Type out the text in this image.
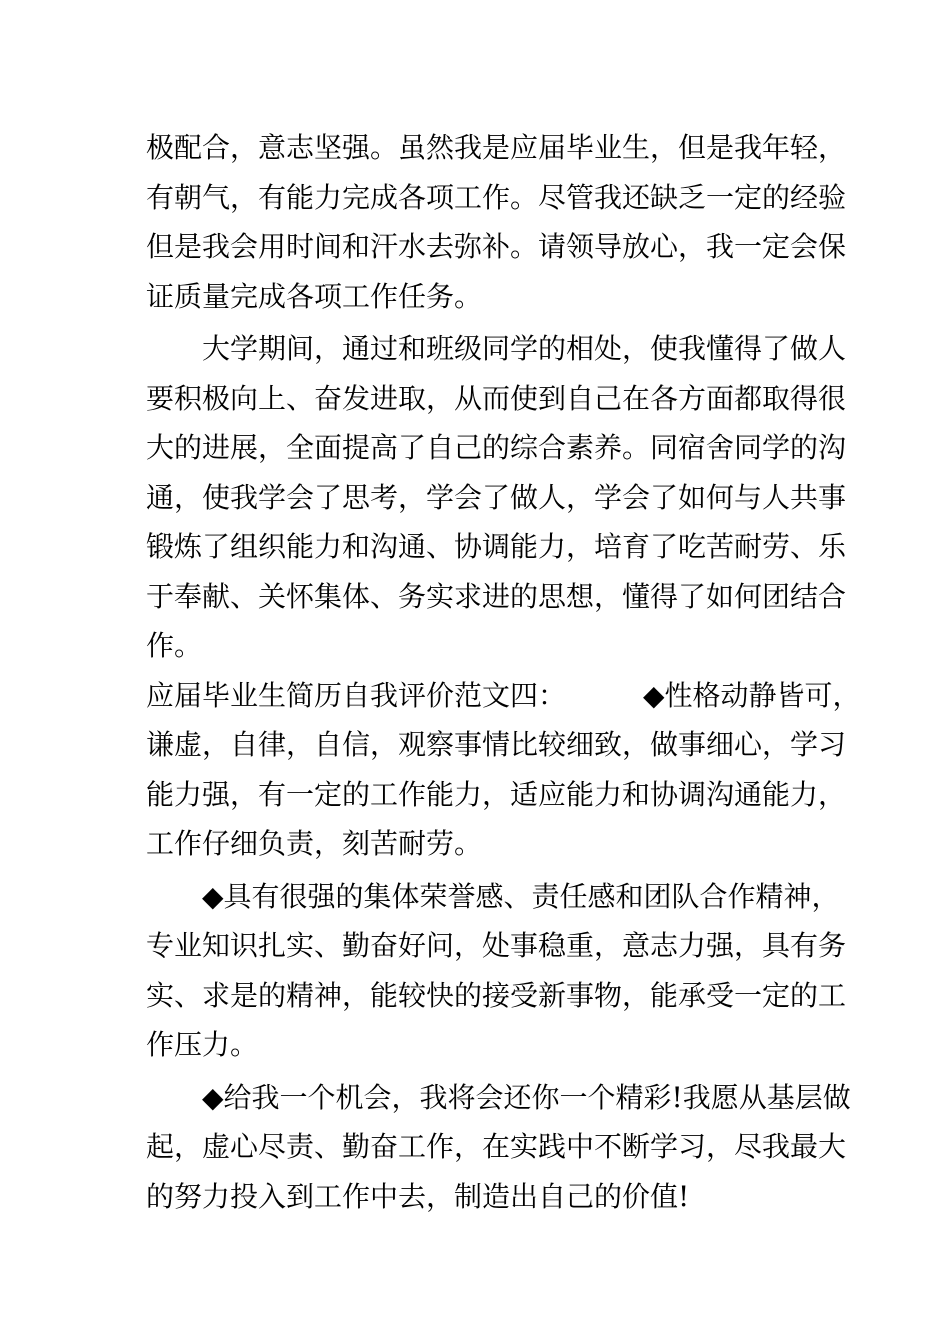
极配合，意志坚强。虽然我是应届毕业生，但是我年轻，
有朝气，有能力完成各项工作。尽管我还缺乏一定的经验
但是我会用时间和汗水去弥补。请领导放心，我一定会保
证质量完成各项工作任务。
大学期间，通过和班级同学的相处，使我懂得了做人
要积极向上、奋发进取，从而使到自己在各方面都取得很
大的进展，全面提高了自己的综合素养。同宿舍同学的沟
通，使我学会了思考，学会了做人，学会了如何与人共事
锻炼了组织能力和沟通、协调能力，培育了吃苦耐劳、乐
于奉献、关怀集体、务实求进的思想，懂得了如何团结合
作。
应届毕业生简历自我评价范文四：	◆性格动静皆可，
谦虚，自律，自信，观察事情比较细致，做事细心，学习
能力强，有一定的工作能力，适应能力和协调沟通能力，
工作仔细负责，刻苦耐劳。
◆具有很强的集体荣誉感、责任感和团队合作精神，
专业知识扎实、勤奋好问，处事稳重，意志力强，具有务
实、求是的精神，能较快的接受新事物，能承受一定的工
作压力。
◆给我一个机会，我将会还你一个精彩!我愿从基层做
起，虚心尽责、勤奋工作，在实践中不断学习，尽我最大
的努力投入到工作中去，制造出自己的价值!
